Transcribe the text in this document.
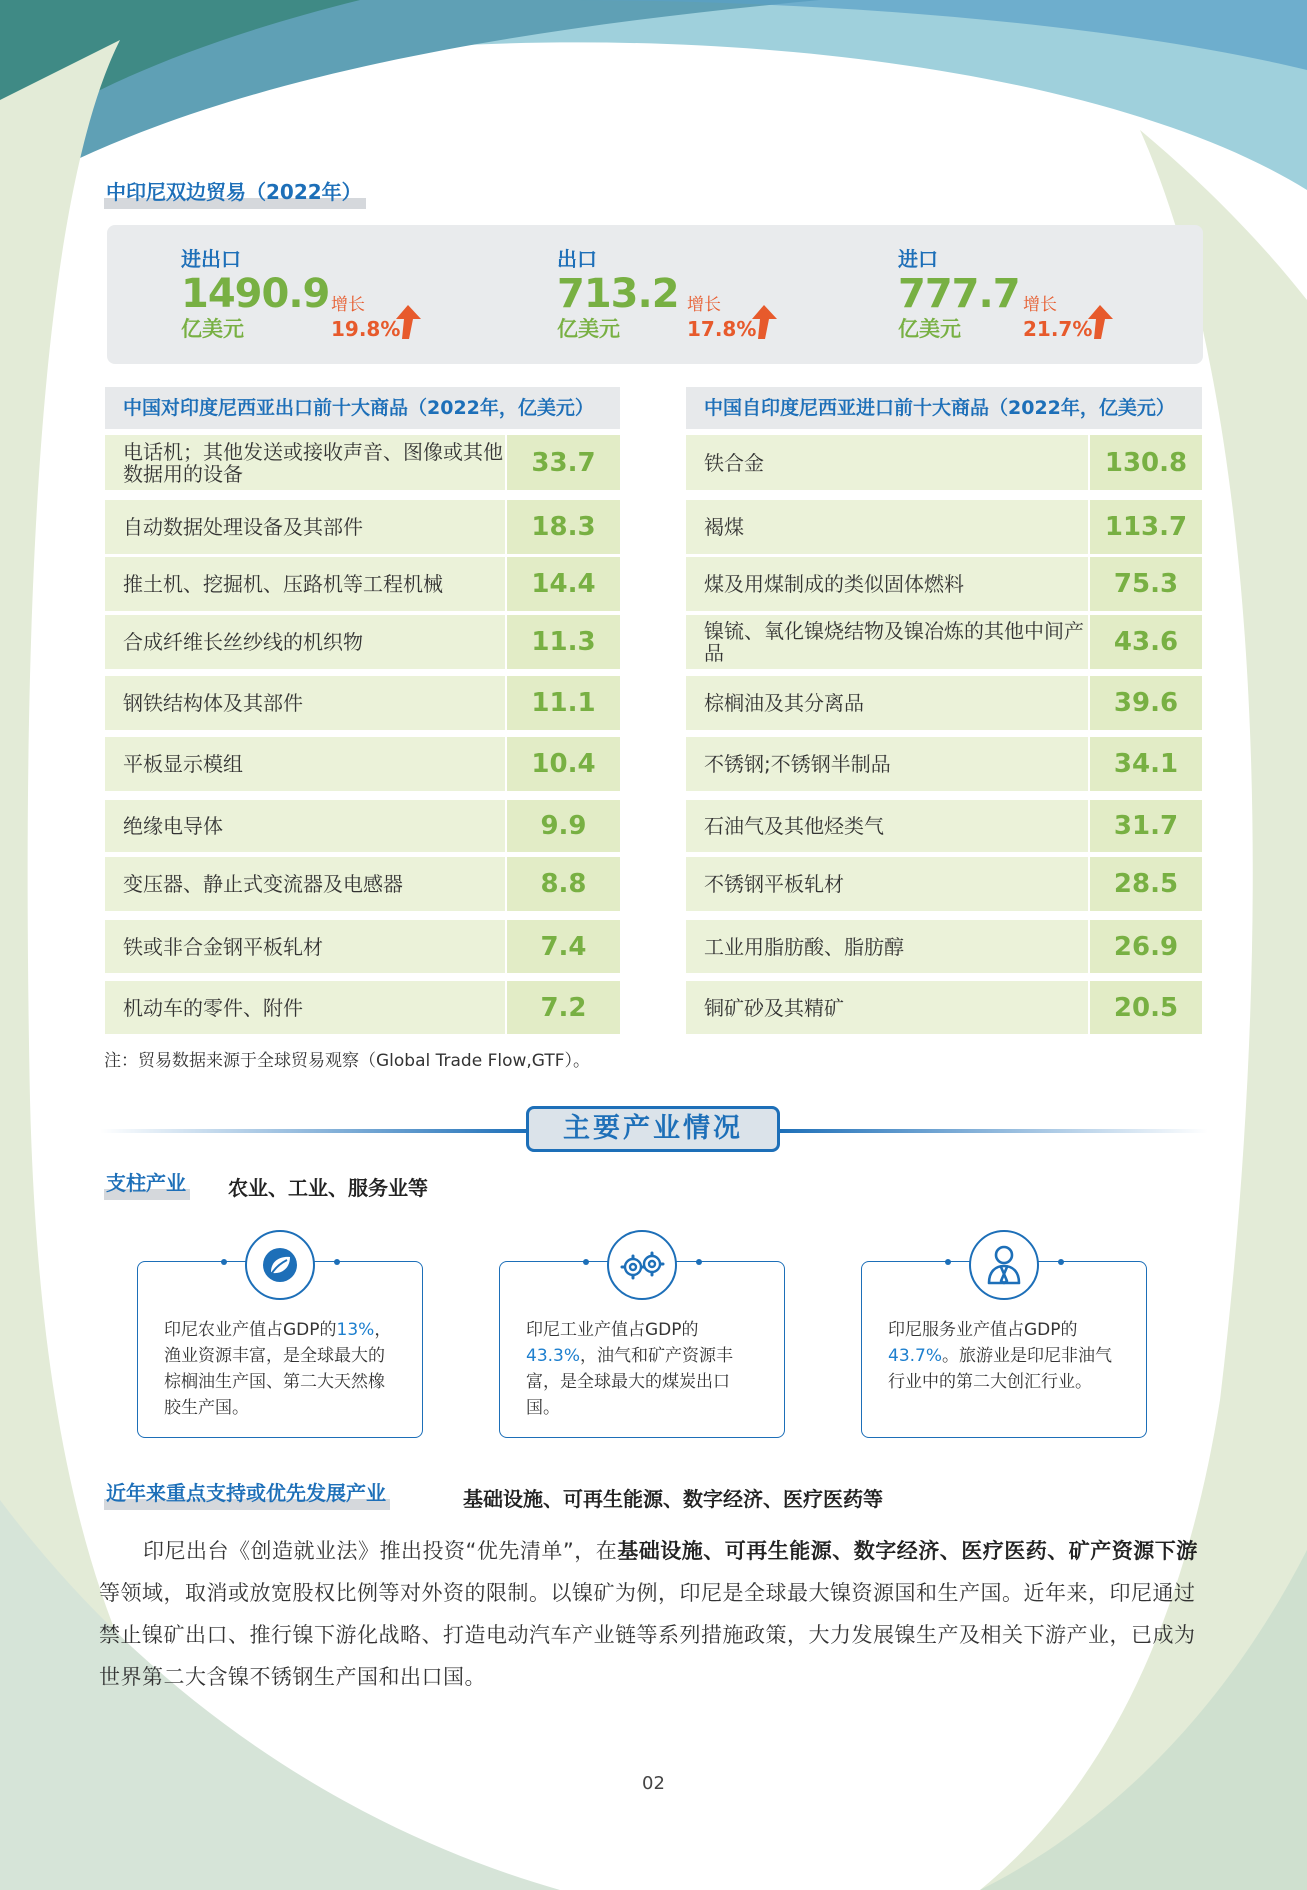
中印尼双边贸易（2022年）
进出口
1490.9
亿美元
增长
19.8%
出口
713.2
亿美元
增长
17.8%
进口
777.7
亿美元
增长
21.7%
中国对印度尼西亚出口前十大商品（2022年，亿美元）
电话机；其他发送或接收声音、图像或其他数据用的设备	33.7
自动数据处理设备及其部件	18.3
推土机、挖掘机、压路机等工程机械	14.4
合成纤维长丝纱线的机织物	11.3
钢铁结构体及其部件	11.1
平板显示模组	10.4
绝缘电导体	9.9
变压器、静止式变流器及电感器	8.8
铁或非合金钢平板轧材	7.4
机动车的零件、附件	7.2
中国自印度尼西亚进口前十大商品（2022年，亿美元）
铁合金	130.8
褐煤	113.7
煤及用煤制成的类似固体燃料	75.3
镍锍、氧化镍烧结物及镍冶炼的其他中间产品	43.6
棕榈油及其分离品	39.6
不锈钢;不锈钢半制品	34.1
石油气及其他烃类气	31.7
不锈钢平板轧材	28.5
工业用脂肪酸、脂肪醇	26.9
铜矿砂及其精矿	20.5
注：贸易数据来源于全球贸易观察（Global Trade Flow,GTF）。
主要产业情况
支柱产业 农业、工业、服务业等
印尼农业产值占GDP的13%，渔业资源丰富，是全球最大的棕榈油生产国、第二大天然橡胶生产国。
印尼工业产值占GDP的43.3%，油气和矿产资源丰富，是全球最大的煤炭出口国。
印尼服务业产值占GDP的43.7%。旅游业是印尼非油气行业中的第二大创汇行业。
近年来重点支持或优先发展产业	基础设施、可再生能源、数字经济、医疗医药等
印尼出台《创造就业法》推出投资“优先清单”，在基础设施、可再生能源、数字经济、医疗医药、矿产资源下游等领域，取消或放宽股权比例等对外资的限制。以镍矿为例，印尼是全球最大镍资源国和生产国。近年来，印尼通过禁止镍矿出口、推行镍下游化战略、打造电动汽车产业链等系列措施政策，大力发展镍生产及相关下游产业，已成为世界第二大含镍不锈钢生产国和出口国。
02
